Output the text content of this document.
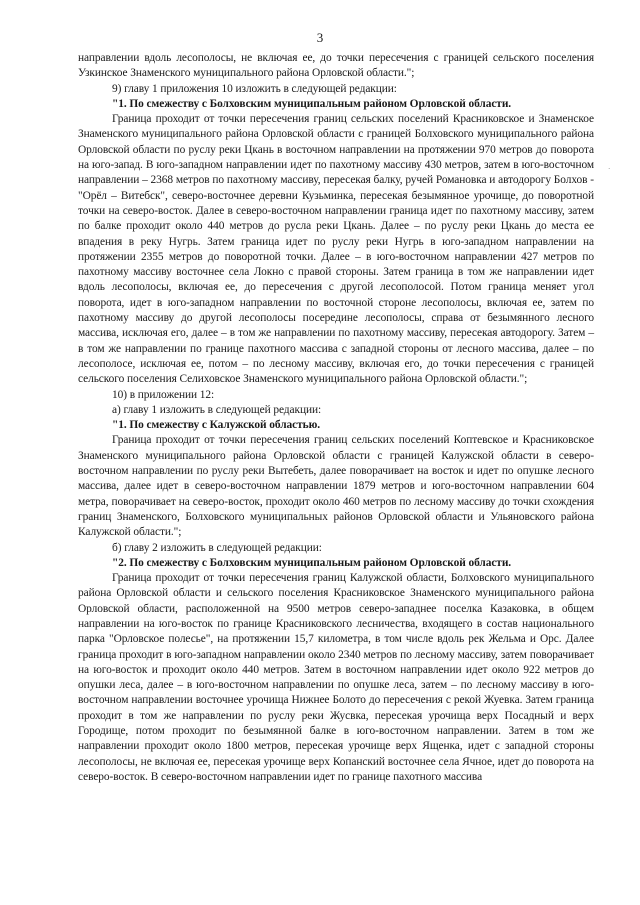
3
·

направлении вдоль лесополосы, не включая ее, до точки пересечения с границей сельского поселения Узкинское Знаменского муниципального района Орловской области.";

9) главу 1 приложения 10 изложить в следующей редакции:

"1. По смежеству с Болховским муниципальным районом Орловской области.

Граница проходит от точки пересечения границ сельских поселений Красниковское и Знаменское Знаменского муниципального района Орловской области с границей Болховского муниципального района Орловской области по руслу реки Цкань в восточном направлении на протяжении 970 метров до поворота на юго-запад. В юго-западном направлении идет по пахотному массиву 430 метров, затем в юго-восточном направлении – 2368 метров по пахотному массиву, пересекая балку, ручей Романовка и автодорогу Болхов - "Орёл – Витебск", северо-восточнее деревни Кузьминка, пересекая безымянное урочище, до поворотной точки на северо-восток. Далее в северо-восточном направлении граница идет по пахотному массиву, затем по балке проходит около 440 метров до русла реки Цкань. Далее – по руслу реки Цкань до места ее впадения в реку Нугрь. Затем граница идет по руслу реки Нугрь в юго-западном направлении на протяжении 2355 метров до поворотной точки. Далее – в юго-восточном направлении 427 метров по пахотному массиву восточнее села Локно с правой стороны. Затем граница в том же направлении идет вдоль лесополосы, включая ее, до пересечения с другой лесополосой. Потом граница меняет угол поворота, идет в юго-западном направлении по восточной стороне лесополосы, включая ее, затем по пахотному массиву до другой лесополосы посередине лесополосы, справа от безымянного лесного массива, исключая его, далее – в том же направлении по пахотному массиву, пересекая автодорогу. Затем – в том же направлении по границе пахотного массива с западной стороны от лесного массива, далее – по лесополосе, исключая ее, потом – по лесному массиву, включая его, до точки пересечения с границей сельского поселения Селиховское Знаменского муниципального района Орловской области.";

10) в приложении 12:

а) главу 1 изложить в следующей редакции:

"1. По смежеству с Калужской областью.

Граница проходит от точки пересечения границ сельских поселений Коптевское и Красниковское Знаменского муниципального района Орловской области с границей Калужской области в северо-восточном направлении по руслу реки Вытебеть, далее поворачивает на восток и идет по опушке лесного массива, далее идет в северо-восточном направлении 1879 метров и юго-восточном направлении 604 метра, поворачивает на северо-восток, проходит около 460 метров по лесному массиву до точки схождения границ Знаменского, Болховского муниципальных районов Орловской области и Ульяновского района Калужской области.";

б) главу 2 изложить в следующей редакции:

"2. По смежеству с Болховским муниципальным районом Орловской области.

Граница проходит от точки пересечения границ Калужской области, Болховского муниципального района Орловской области и сельского поселения Красниковское Знаменского муниципального района Орловской области, расположенной на 9500 метров северо-западнее поселка Казаковка, в общем направлении на юго-восток по границе Красниковского лесничества, входящего в состав национального парка "Орловское полесье", на протяжении 15,7 километра, в том числе вдоль рек Жельма и Орс. Далее граница проходит в юго-западном направлении около 2340 метров по лесному массиву, затем поворачивает на юго-восток и проходит около 440 метров. Затем в восточном направлении идет около 922 метров до опушки леса, далее – в юго-восточном направлении по опушке леса, затем – по лесному массиву в юго-восточном направлении восточнее урочища Нижнее Болото до пересечения с рекой Жуевка. Затем граница проходит в том же направлении по руслу реки Жусвка, пересекая урочища верх Посадный и верх Городище, потом проходит по безымянной балке в юго-восточном направлении. Затем в том же направлении проходит около 1800 метров, пересекая урочище верх Ященка, идет с западной стороны лесополосы, не включая ее, пересекая урочище верх Копанский восточнее села Ячное, идет до поворота на северо-восток. В северо-восточном направлении идет по границе пахотного массива
